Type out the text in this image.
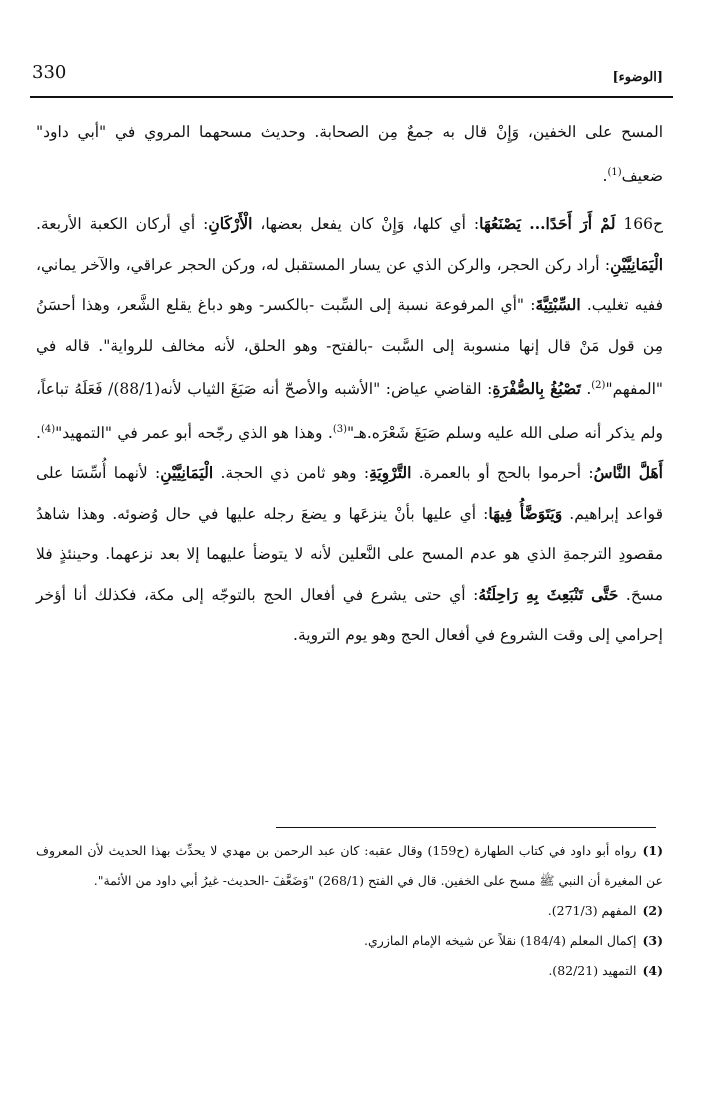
330	[الوضوء]

المسح على الخفين، وَإِنْ قال به جمعٌ مِن الصحابة. وحديث مسحهما المروي في "أبي داود" ضعيف$^{(1)}$.

ح166 لَمْ أَرَ أَحَدًا... يَصْنَعُهَا: أي كلها، وَإِنْ كان يفعل بعضها، الْأَرْكَانِ: أي أركان الكعبة الأربعة. الْيَمَانِيَّيْنِ: أراد ركن الحجر، والركن الذي عن يسار المستقبل له، وركن الحجر عراقي، والآخر يماني، ففيه تغليب. السِّبْتِيَّةَ: "أي المرفوعة نسبة إلى السِّبت -بالكسر- وهو دباغ يقلع الشَّعر، وهذا أحسَنُ مِن قول مَنْ قال إنها منسوبة إلى السَّبت -بالفتح- وهو الحلق، لأنه مخالف للرواية". قاله في "المفهم"$^{(2)}$. تَصْبُغُ بِالصُّفْرَةِ: القاضي عياض: "الأشبه والأصحّ أنه صَبَغَ الثياب لأنه(88/1)/ فَعَلَهُ تباعاً، ولم يذكر أنه صلى الله عليه وسلم صَبَغَ شَعْرَه.هـ"$^{(3)}$. وهذا هو الذي رجّحه أبو عمر في "التمهيد"$^{(4)}$. أَهَلَّ النَّاسُ: أحرموا بالحج أو بالعمرة. التَّرْوِيَةِ: وهو ثامن ذي الحجة. الْيَمَانِيَّيْنِ: لأنهما أُسِّسَا على قواعد إبراهيم. وَيَتَوَضَّأُ فِيهَا: أي عليها بأنْ ينزعَها و يضعَ رجله عليها في حال وُضوئه. وهذا شاهدُ مقصودِ الترجمةِ الذي هو عدم المسح على النَّعلين لأنه لا يتوضأ عليهما إلا بعد نزعهما. وحينئذٍ فلا مسحَ. حَتَّى تَنْبَعِثَ بِهِ رَاحِلَتُهُ: أي حتى يشرع في أفعال الحج بالتوجّه إلى مكة، فكذلك أنا أؤخر إحرامي إلى وقت الشروع في أفعال الحج وهو يوم التروية.

(1)رواه أبو داود في كتاب الطهارة (ح159) وقال عقبه: كان عبد الرحمن بن مهدي لا يحدِّث بهذا الحديث لأن المعروف عن المغيرة أن النبي ﷺ مسح على الخفين. قال في الفتح (268/1) "وَضَعَّفَ -الحديث- غيرُ أبي داود من الأئمة".

(2)المفهم (271/3).

(3)إكمال المعلم (184/4) نقلاً عن شيخه الإمام المازري.

(4)التمهيد (82/21).
